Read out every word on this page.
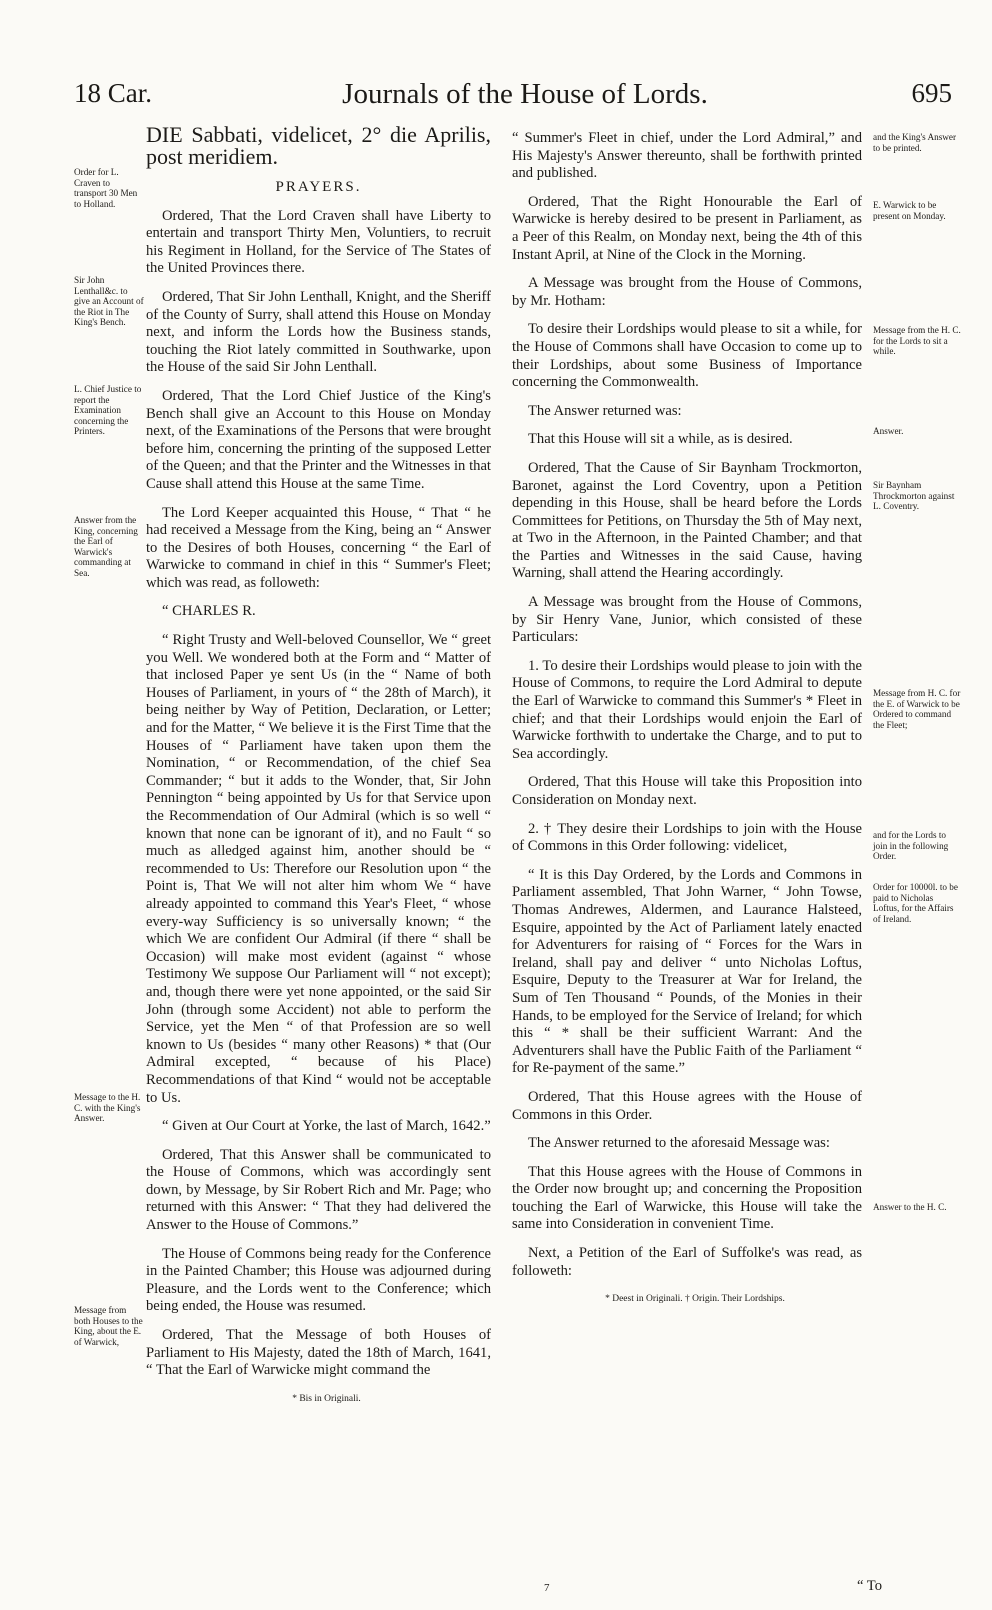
18 Car.	Journals of the House of Lords.	695

DIE Sabbati, videlicet, 2° die Aprilis, post meridiem.

PRAYERS.

Ordered, That the Lord Craven shall have Liberty to entertain and transport Thirty Men, Voluntiers, to recruit his Regiment in Holland, for the Service of The States of the United Provinces there.

Ordered, That Sir John Lenthall, Knight, and the Sheriff of the County of Surry, shall attend this House on Monday next, and inform the Lords how the Business stands, touching the Riot lately committed in Southwarke, upon the House of the said Sir John Lenthall.

Ordered, That the Lord Chief Justice of the King's Bench shall give an Account to this House on Monday next, of the Examinations of the Persons that were brought before him, concerning the printing of the supposed Letter of the Queen; and that the Printer and the Witnesses in that Cause shall attend this House at the same Time.

The Lord Keeper acquainted this House, “ That “ he had received a Message from the King, being an “ Answer to the Desires of both Houses, concerning “ the Earl of Warwicke to command in chief in this “ Summer's Fleet; which was read, as followeth:

“ CHARLES R.

“ Right Trusty and Well-beloved Counsellor, We “ greet you Well. We wondered both at the Form and “ Matter of that inclosed Paper ye sent Us (in the “ Name of both Houses of Parliament, in yours of “ the 28th of March), it being neither by Way of Petition, Declaration, or Letter; and for the Matter, “ We believe it is the First Time that the Houses of “ Parliament have taken upon them the Nomination, “ or Recommendation, of the chief Sea Commander; “ but it adds to the Wonder, that, Sir John Pennington “ being appointed by Us for that Service upon the Recommendation of Our Admiral (which is so well “ known that none can be ignorant of it), and no Fault “ so much as alledged against him, another should be “ recommended to Us: Therefore our Resolution upon “ the Point is, That We will not alter him whom We “ have already appointed to command this Year's Fleet, “ whose every-way Sufficiency is so universally known; “ the which We are confident Our Admiral (if there “ shall be Occasion) will make most evident (against “ whose Testimony We suppose Our Parliament will “ not except); and, though there were yet none appointed, or the said Sir John (through some Accident) not able to perform the Service, yet the Men “ of that Profession are so well known to Us (besides “ many other Reasons) * that (Our Admiral excepted, “ because of his Place) Recommendations of that Kind “ would not be acceptable to Us.

“ Given at Our Court at Yorke, the last of March, 1642.”

Ordered, That this Answer shall be communicated to the House of Commons, which was accordingly sent down, by Message, by Sir Robert Rich and Mr. Page; who returned with this Answer: “ That they had delivered the Answer to the House of Commons.”

The House of Commons being ready for the Conference in the Painted Chamber; this House was adjourned during Pleasure, and the Lords went to the Conference; which being ended, the House was resumed.

Ordered, That the Message of both Houses of Parliament to His Majesty, dated the 18th of March, 1641, “ That the Earl of Warwicke might command the

* Bis in Originali.

“ Summer's Fleet in chief, under the Lord Admiral,” and His Majesty's Answer thereunto, shall be forthwith printed and published.

Ordered, That the Right Honourable the Earl of Warwicke is hereby desired to be present in Parliament, as a Peer of this Realm, on Monday next, being the 4th of this Instant April, at Nine of the Clock in the Morning.

A Message was brought from the House of Commons, by Mr. Hotham:

To desire their Lordships would please to sit a while, for the House of Commons shall have Occasion to come up to their Lordships, about some Business of Importance concerning the Commonwealth.

The Answer returned was:

That this House will sit a while, as is desired.

Ordered, That the Cause of Sir Baynham Trockmorton, Baronet, against the Lord Coventry, upon a Petition depending in this House, shall be heard before the Lords Committees for Petitions, on Thursday the 5th of May next, at Two in the Afternoon, in the Painted Chamber; and that the Parties and Witnesses in the said Cause, having Warning, shall attend the Hearing accordingly.

A Message was brought from the House of Commons, by Sir Henry Vane, Junior, which consisted of these Particulars:

1. To desire their Lordships would please to join with the House of Commons, to require the Lord Admiral to depute the Earl of Warwicke to command this Summer's * Fleet in chief; and that their Lordships would enjoin the Earl of Warwicke forthwith to undertake the Charge, and to put to Sea accordingly.

Ordered, That this House will take this Proposition into Consideration on Monday next.

2. † They desire their Lordships to join with the House of Commons in this Order following: videlicet,

“ It is this Day Ordered, by the Lords and Commons in Parliament assembled, That John Warner, “ John Towse, Thomas Andrewes, Aldermen, and Laurance Halsteed, Esquire, appointed by the Act of Parliament lately enacted for Adventurers for raising of “ Forces for the Wars in Ireland, shall pay and deliver “ unto Nicholas Loftus, Esquire, Deputy to the Treasurer at War for Ireland, the Sum of Ten Thousand “ Pounds, of the Monies in their Hands, to be employed for the Service of Ireland; for which this “ * shall be their sufficient Warrant: And the Adventurers shall have the Public Faith of the Parliament “ for Re-payment of the same.”

Ordered, That this House agrees with the House of Commons in this Order.

The Answer returned to the aforesaid Message was:

That this House agrees with the House of Commons in the Order now brought up; and concerning the Proposition touching the Earl of Warwicke, this House will take the same into Consideration in convenient Time.

Next, a Petition of the Earl of Suffolke's was read, as followeth:

* Deest in Originali. † Origin. Their Lordships.

Order for L. Craven to transport 30 Men to Holland.
Sir John Lenthall&c. to give an Account of the Riot in The King's Bench.
L. Chief Justice to report the Examination concerning the Printers.
Answer from the King, concerning the Earl of Warwick's commanding at Sea.
Message to the H. C. with the King's Answer.
Message from both Houses to the King, about the E. of Warwick,
and the King's Answer to be printed.
E. Warwick to be present on Monday.
Message from the H. C. for the Lords to sit a while.
Answer.
Sir Baynham Throckmorton against L. Coventry.
Message from H. C. for the E. of Warwick to be Ordered to command the Fleet;
and for the Lords to join in the following Order.
Order for 10000l. to be paid to Nicholas Loftus, for the Affairs of Ireland.
Answer to the H. C.
7	“ To
